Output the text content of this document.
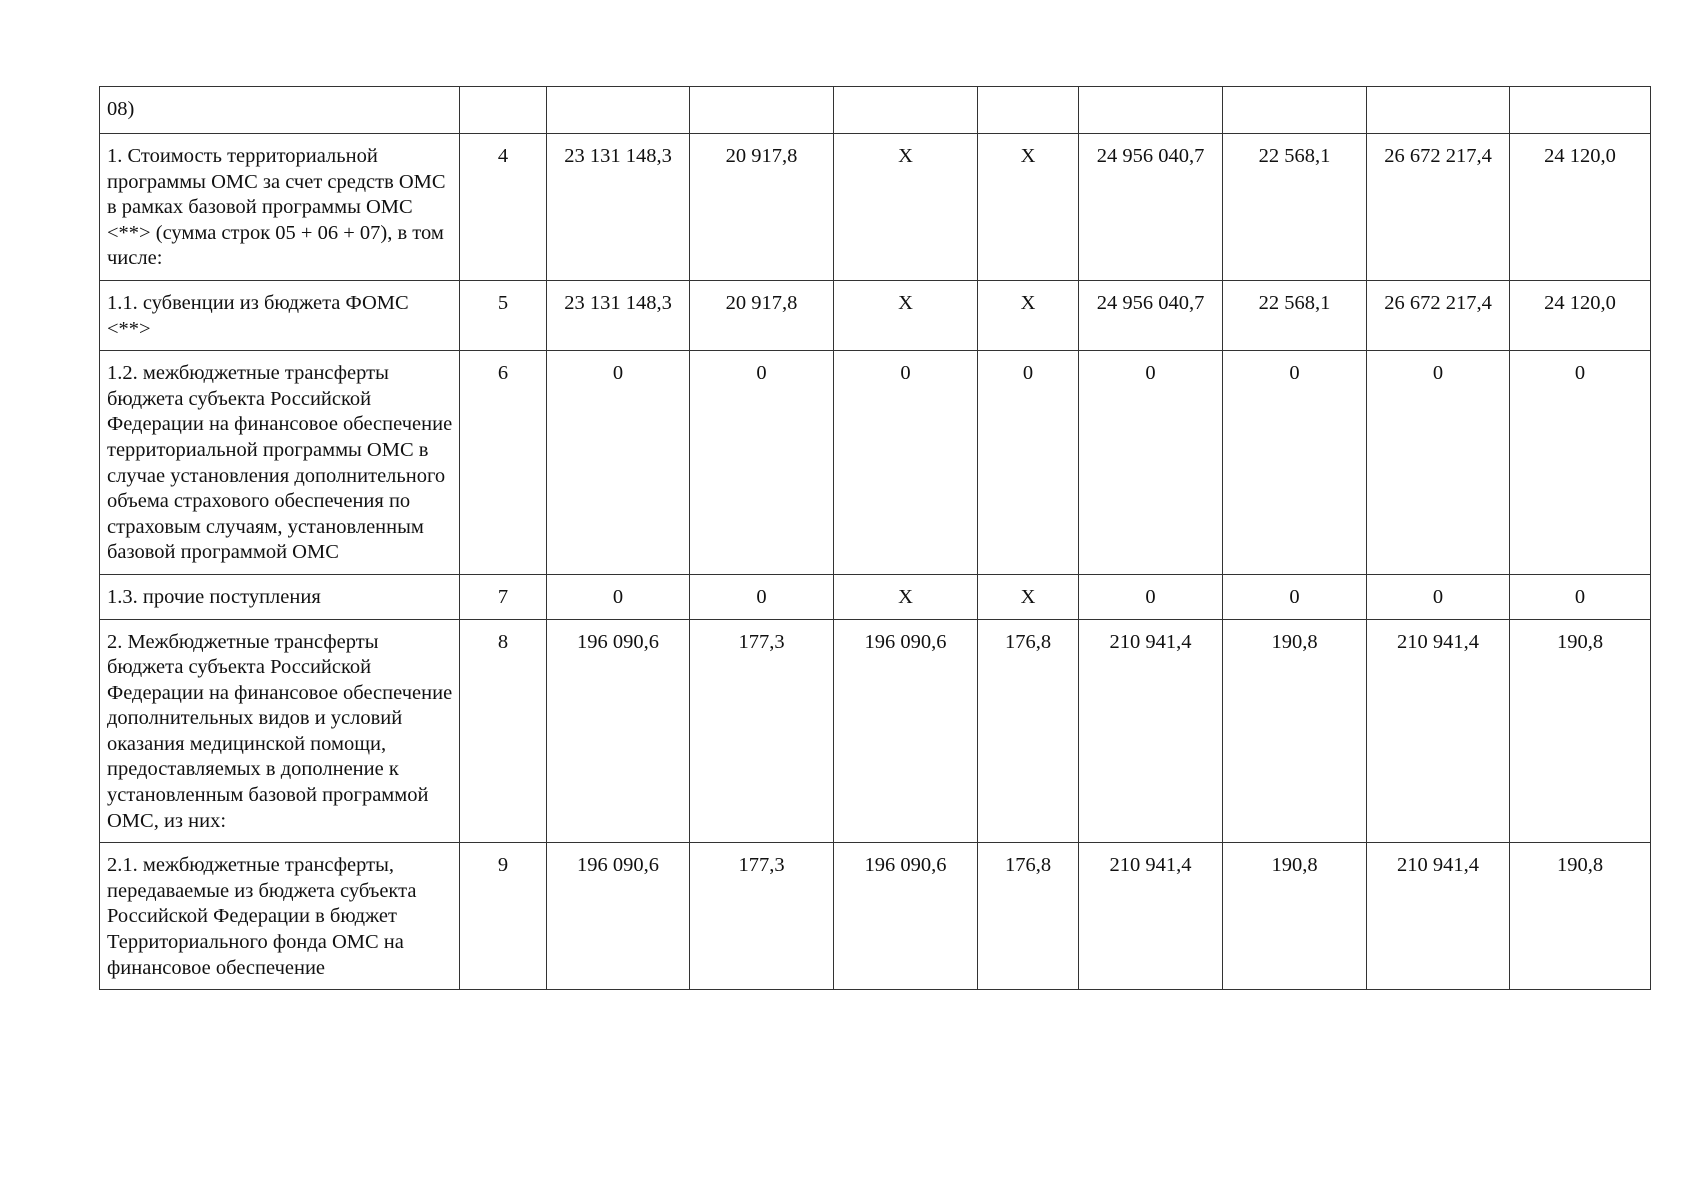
08)									
1. Стоимость территориальной программы ОМС за счет средств ОМС в рамках базовой программы ОМС <**> (сумма строк 05 + 06 + 07), в том числе:	4	23 131 148,3	20 917,8	X	X	24 956 040,7	22 568,1	26 672 217,4	24 120,0
1.1. субвенции из бюджета ФОМС <**>	5	23 131 148,3	20 917,8	X	X	24 956 040,7	22 568,1	26 672 217,4	24 120,0
1.2. межбюджетные трансферты бюджета субъекта Российской Федерации на финансовое обеспечение территориальной программы ОМС в случае установления дополнительного объема страхового обеспечения по страховым случаям, установленным базовой программой ОМС	6	0	0	0	0	0	0	0	0
1.3. прочие поступления	7	0	0	X	X	0	0	0	0
2. Межбюджетные трансферты бюджета субъекта Российской Федерации на финансовое обеспечение дополнительных видов и условий оказания медицинской помощи, предоставляемых в дополнение к установленным базовой программой ОМС, из них:	8	196 090,6	177,3	196 090,6	176,8	210 941,4	190,8	210 941,4	190,8
2.1. межбюджетные трансферты, передаваемые из бюджета субъекта Российской Федерации в бюджет Территориального фонда ОМС на финансовое обеспечение	9	196 090,6	177,3	196 090,6	176,8	210 941,4	190,8	210 941,4	190,8
